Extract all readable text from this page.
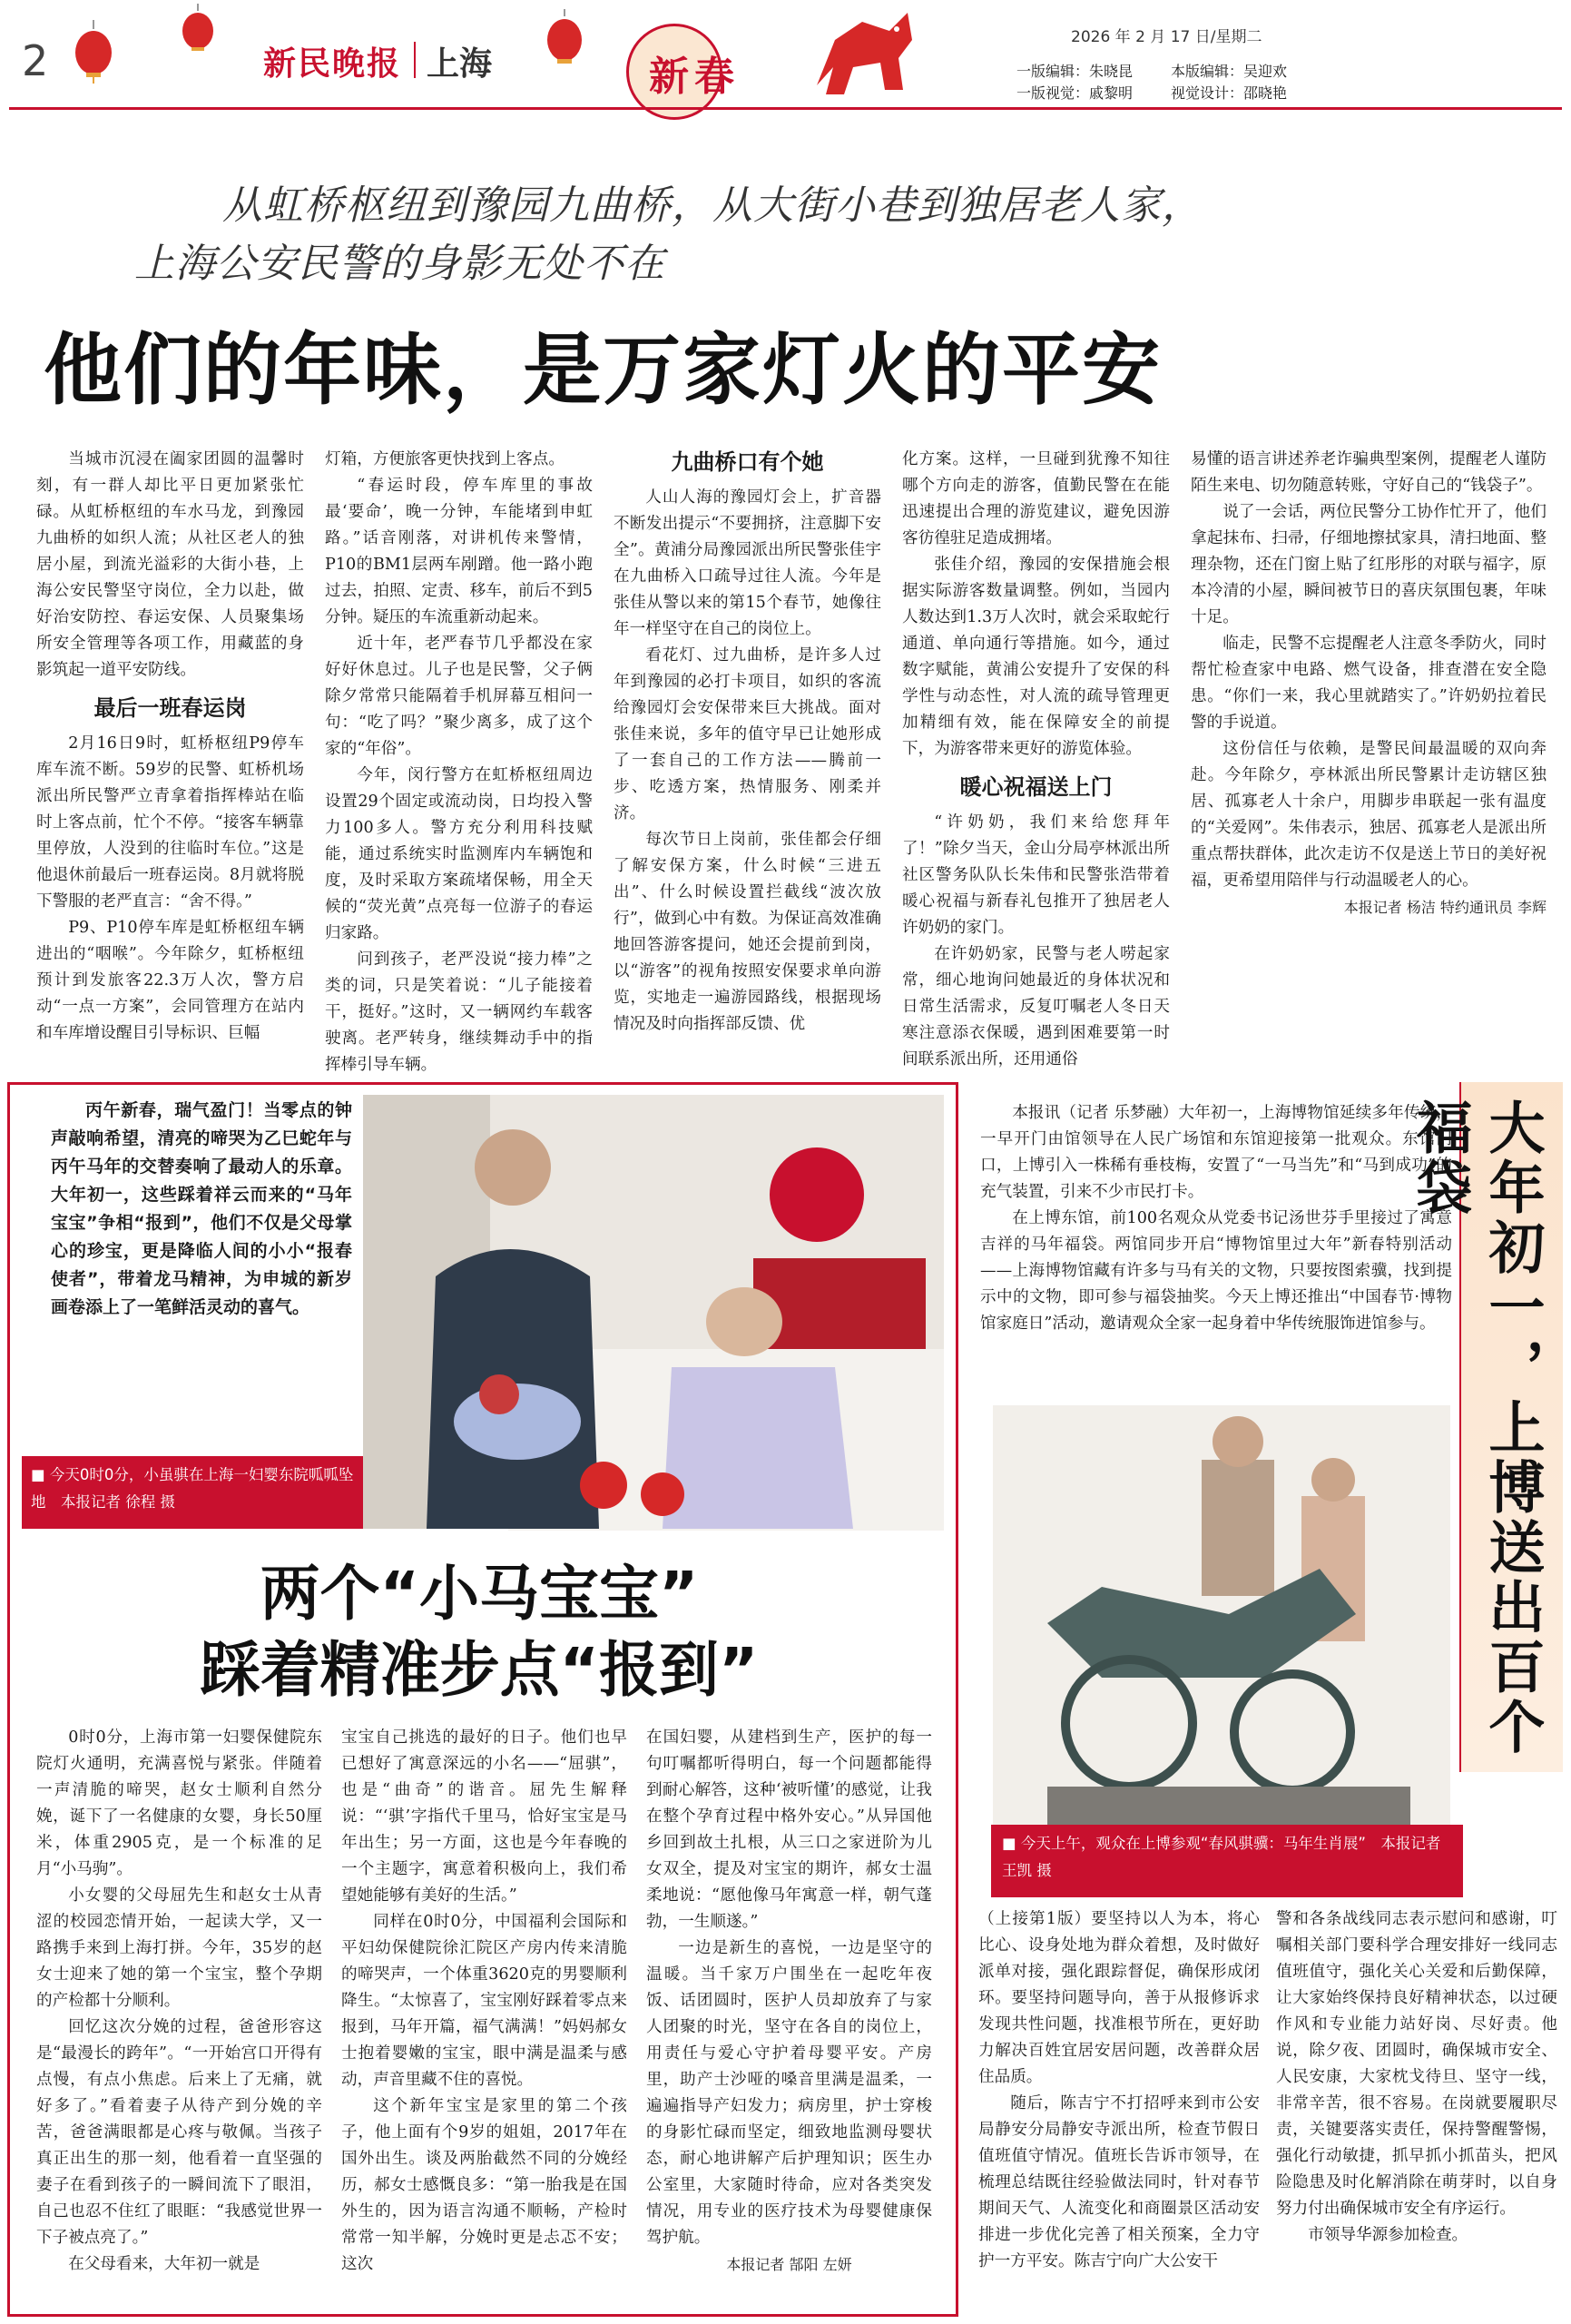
2	新民晚报 上海	新春
2026 年 2 月 17 日/星期二
一版编辑：朱晓昆
一版视觉：戚黎明
本版编辑：吴迎欢
视觉设计：邵晓艳
从虹桥枢纽到豫园九曲桥，从大街小巷到独居老人家，
上海公安民警的身影无处不在
他们的年味，是万家灯火的平安

当城市沉浸在阖家团圆的温馨时刻，有一群人却比平日更加紧张忙碌。从虹桥枢纽的车水马龙，到豫园九曲桥的如织人流；从社区老人的独居小屋，到流光溢彩的大街小巷，上海公安民警坚守岗位，全力以赴，做好治安防控、春运安保、人员聚集场所安全管理等各项工作，用藏蓝的身影筑起一道平安防线。

最后一班春运岗

2月16日9时，虹桥枢纽P9停车库车流不断。59岁的民警、虹桥机场派出所民警严立青拿着指挥棒站在临时上客点前，忙个不停。“接客车辆靠里停放，人没到的往临时车位。”这是他退休前最后一班春运岗。8月就将脱下警服的老严直言：“舍不得。”

P9、P10停车库是虹桥枢纽车辆进出的“咽喉”。今年除夕，虹桥枢纽预计到发旅客22.3万人次，警方启动“一点一方案”，会同管理方在站内和车库增设醒目引导标识、巨幅

灯箱，方便旅客更快找到上客点。

“春运时段，停车库里的事故最‘要命’，晚一分钟，车能堵到申虹路。”话音刚落，对讲机传来警情，P10的BM1层两车剐蹭。他一路小跑过去，拍照、定责、移车，前后不到5分钟。疑压的车流重新动起来。

近十年，老严春节几乎都没在家好好休息过。儿子也是民警，父子俩除夕常常只能隔着手机屏幕互相问一句：“吃了吗？”聚少离多，成了这个家的“年俗”。

今年，闵行警方在虹桥枢纽周边设置29个固定或流动岗，日均投入警力100多人。警方充分利用科技赋能，通过系统实时监测库内车辆饱和度，及时采取方案疏堵保畅，用全天候的“荧光黄”点亮每一位游子的春运归家路。

问到孩子，老严没说“接力棒”之类的词，只是笑着说：“儿子能接着干，挺好。”这时，又一辆网约车载客驶离。老严转身，继续舞动手中的指挥棒引导车辆。

九曲桥口有个她

人山人海的豫园灯会上，扩音器不断发出提示“不要拥挤，注意脚下安全”。黄浦分局豫园派出所民警张佳宇在九曲桥入口疏导过往人流。今年是张佳从警以来的第15个春节，她像往年一样坚守在自己的岗位上。

看花灯、过九曲桥，是许多人过年到豫园的必打卡项目，如织的客流给豫园灯会安保带来巨大挑战。面对张佳来说，多年的值守早已让她形成了一套自己的工作方法——腾前一步、吃透方案，热情服务、刚柔并济。

每次节日上岗前，张佳都会仔细了解安保方案，什么时候“三进五出”、什么时候设置拦截线“波次放行”，做到心中有数。为保证高效准确地回答游客提问，她还会提前到岗，以“游客”的视角按照安保要求单向游览，实地走一遍游园路线，根据现场情况及时向指挥部反馈、优

化方案。这样，一旦碰到犹豫不知往哪个方向走的游客，值勤民警在在能迅速提出合理的游览建议，避免因游客彷徨驻足造成拥堵。

张佳介绍，豫园的安保措施会根据实际游客数量调整。例如，当园内人数达到1.3万人次时，就会采取蛇行通道、单向通行等措施。如今，通过数字赋能，黄浦公安提升了安保的科学性与动态性，对人流的疏导管理更加精细有效，能在保障安全的前提下，为游客带来更好的游览体验。

暖心祝福送上门

“许奶奶，我们来给您拜年了！”除夕当天，金山分局亭林派出所社区警务队队长朱伟和民警张浩带着暖心祝福与新春礼包推开了独居老人许奶奶的家门。

在许奶奶家，民警与老人唠起家常，细心地询问她最近的身体状况和日常生活需求，反复叮嘱老人冬日天寒注意添衣保暖，遇到困难要第一时间联系派出所，还用通俗

易懂的语言讲述养老诈骗典型案例，提醒老人谨防陌生来电、切勿随意转账，守好自己的“钱袋子”。

说了一会话，两位民警分工协作忙开了，他们拿起抹布、扫帚，仔细地擦拭家具，清扫地面、整理杂物，还在门窗上贴了红彤彤的对联与福字，原本冷清的小屋，瞬间被节日的喜庆氛围包裹，年味十足。

临走，民警不忘提醒老人注意冬季防火，同时帮忙检查家中电路、燃气设备，排查潜在安全隐患。“你们一来，我心里就踏实了。”许奶奶拉着民警的手说道。

这份信任与依赖，是警民间最温暖的双向奔赴。今年除夕，亭林派出所民警累计走访辖区独居、孤寡老人十余户，用脚步串联起一张有温度的“关爱网”。朱伟表示，独居、孤寡老人是派出所重点帮扶群体，此次走访不仅是送上节日的美好祝福，更希望用陪伴与行动温暖老人的心。

本报记者 杨洁 特约通讯员 李辉

丙午新春，瑞气盈门！当零点的钟声敲响希望，清亮的啼哭为乙巳蛇年与丙午马年的交替奏响了最动人的乐章。大年初一，这些踩着祥云而来的“马年宝宝”争相“报到”，他们不仅是父母掌心的珍宝，更是降临人间的小小“报春使者”，带着龙马精神，为申城的新岁画卷添上了一笔鲜活灵动的喜气。
■ 今天0时0分，小虽骐在上海一妇婴东院呱呱坠地　本报记者 徐程 摄
两个“小马宝宝”
踩着精准步点“报到”

0时0分，上海市第一妇婴保健院东院灯火通明，充满喜悦与紧张。伴随着一声清脆的啼哭，赵女士顺利自然分娩，诞下了一名健康的女婴，身长50厘米，体重2905克，是一个标准的足月“小马驹”。

小女婴的父母屈先生和赵女士从青涩的校园恋情开始，一起读大学，又一路携手来到上海打拼。今年，35岁的赵女士迎来了她的第一个宝宝，整个孕期的产检都十分顺利。

回忆这次分娩的过程，爸爸形容这是“最漫长的跨年”。“一开始宫口开得有点慢，有点小焦虑。后来上了无痛，就好多了。”看着妻子从待产到分娩的辛苦，爸爸满眼都是心疼与敬佩。当孩子真正出生的那一刻，他看着一直坚强的妻子在看到孩子的一瞬间流下了眼泪，自己也忍不住红了眼眶：“我感觉世界一下子被点亮了。”

在父母看来，大年初一就是

宝宝自己挑选的最好的日子。他们也早已想好了寓意深远的小名——“屈骐”，也是“曲奇”的谐音。屈先生解释说：“‘骐’字指代千里马，恰好宝宝是马年出生；另一方面，这也是今年春晚的一个主题字，寓意着积极向上，我们希望她能够有美好的生活。”

同样在0时0分，中国福利会国际和平妇幼保健院徐汇院区产房内传来清脆的啼哭声，一个体重3620克的男婴顺利降生。“太惊喜了，宝宝刚好踩着零点来报到，马年开篇，福气满满！”妈妈郝女士抱着婴嫩的宝宝，眼中满是温柔与感动，声音里藏不住的喜悦。

这个新年宝宝是家里的第二个孩子，他上面有个9岁的姐姐，2017年在国外出生。谈及两胎截然不同的分娩经历，郝女士感慨良多：“第一胎我是在国外生的，因为语言沟通不顺畅，产检时常常一知半解，分娩时更是忐忑不安；这次

在国妇婴，从建档到生产，医护的每一句叮嘱都听得明白，每一个问题都能得到耐心解答，这种‘被听懂’的感觉，让我在整个孕育过程中格外安心。”从异国他乡回到故土扎根，从三口之家迸阶为儿女双全，提及对宝宝的期许，郝女士温柔地说：“愿他像马年寓意一样，朝气蓬勃，一生顺遂。”

一边是新生的喜悦，一边是坚守的温暖。当千家万户围坐在一起吃年夜饭、话团圆时，医护人员却放弃了与家人团聚的时光，坚守在各自的岗位上，用责任与爱心守护着母婴平安。产房里，助产士沙哑的嗓音里满是温柔，一遍遍指导产妇发力；病房里，护士穿梭的身影忙碌而坚定，细致地监测母婴状态，耐心地讲解产后护理知识；医生办公室里，大家随时待命，应对各类突发情况，用专业的医疗技术为母婴健康保驾护航。

本报记者 郜阳 左妍

本报讯（记者 乐梦融）大年初一，上海博物馆延续多年传统，一早开门由馆领导在人民广场馆和东馆迎接第一批观众。东馆门口，上博引入一株稀有垂枝梅，安置了“一马当先”和“马到成功”的充气装置，引来不少市民打卡。
在上博东馆，前100名观众从党委书记汤世芬手里接过了寓意吉祥的马年福袋。两馆同步开启“博物馆里过大年”新春特别活动——上海博物馆藏有许多与马有关的文物，只要按图索骥，找到提示中的文物，即可参与福袋抽奖。今天上博还推出“中国春节·博物馆家庭日”活动，邀请观众全家一起身着中华传统服饰进馆参与。 大年初一，上博送出百个福袋
■ 今天上午，观众在上博参观“春风骐骥：马年生肖展”　本报记者 王凯 摄

（上接第1版）要坚持以人为本，将心比心、设身处地为群众着想，及时做好派单对接，强化跟踪督促，确保形成闭环。要坚持问题导向，善于从报修诉求发现共性问题，找准根节所在，更好助力解决百姓宜居安居问题，改善群众居住品质。

随后，陈吉宁不打招呼来到市公安局静安分局静安寺派出所，检查节假日值班值守情况。值班长告诉市领导，在梳理总结既往经验做法同时，针对春节期间天气、人流变化和商圈景区活动安排进一步优化完善了相关预案，全力守护一方平安。陈吉宁向广大公安干

警和各条战线同志表示慰问和感谢，叮嘱相关部门要科学合理安排好一线同志值班值守，强化关心关爱和后勤保障，让大家始终保持良好精神状态，以过硬作风和专业能力站好岗、尽好责。他说，除夕夜、团圆时，确保城市安全、人民安康，大家枕戈待旦、坚守一线，非常辛苦，很不容易。在岗就要履职尽责，关键要落实责任，保持警醒警惕，强化行动敏捷，抓早抓小抓苗头，把风险隐患及时化解消除在萌芽时，以自身努力付出确保城市安全有序运行。

市领导华源参加检查。
